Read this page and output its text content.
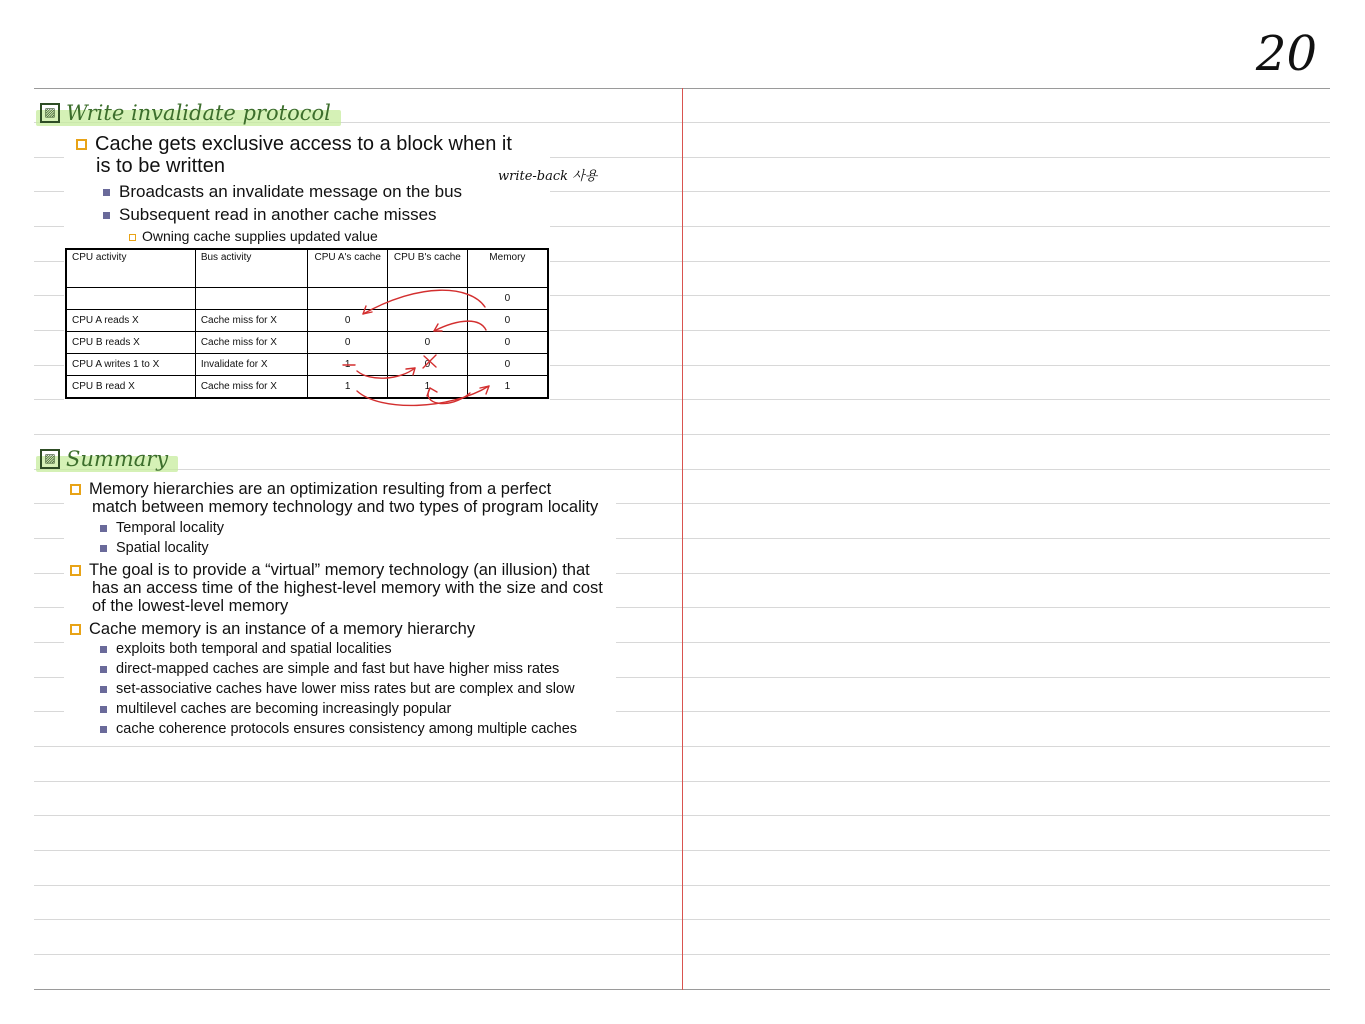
20
▨ Write invalidate protocol
Cache gets exclusive access to a block when it
is to be written
Broadcasts an invalidate message on the bus
Subsequent read in another cache misses
Owning cache supplies updated value
write-back 사용
CPU activity	Bus activity	CPU A's cache	CPU B's cache	Memory
				0
CPU A reads X	Cache miss for X	0		0
CPU B reads X	Cache miss for X	0	0	0
CPU A writes 1 to X	Invalidate for X	1	0	0
CPU B read X	Cache miss for X	1	1	1
▨ Summary
Memory hierarchies are an optimization resulting from a perfect
match between memory technology and two types of program locality
Temporal locality
Spatial locality
The goal is to provide a “virtual” memory technology (an illusion) that
has an access time of the highest-level memory with the size and cost
of the lowest-level memory
Cache memory is an instance of a memory hierarchy
exploits both temporal and spatial localities
direct-mapped caches are simple and fast but have higher miss rates
set-associative caches have lower miss rates but are complex and slow
multilevel caches are becoming increasingly popular
cache coherence protocols ensures consistency among multiple caches
